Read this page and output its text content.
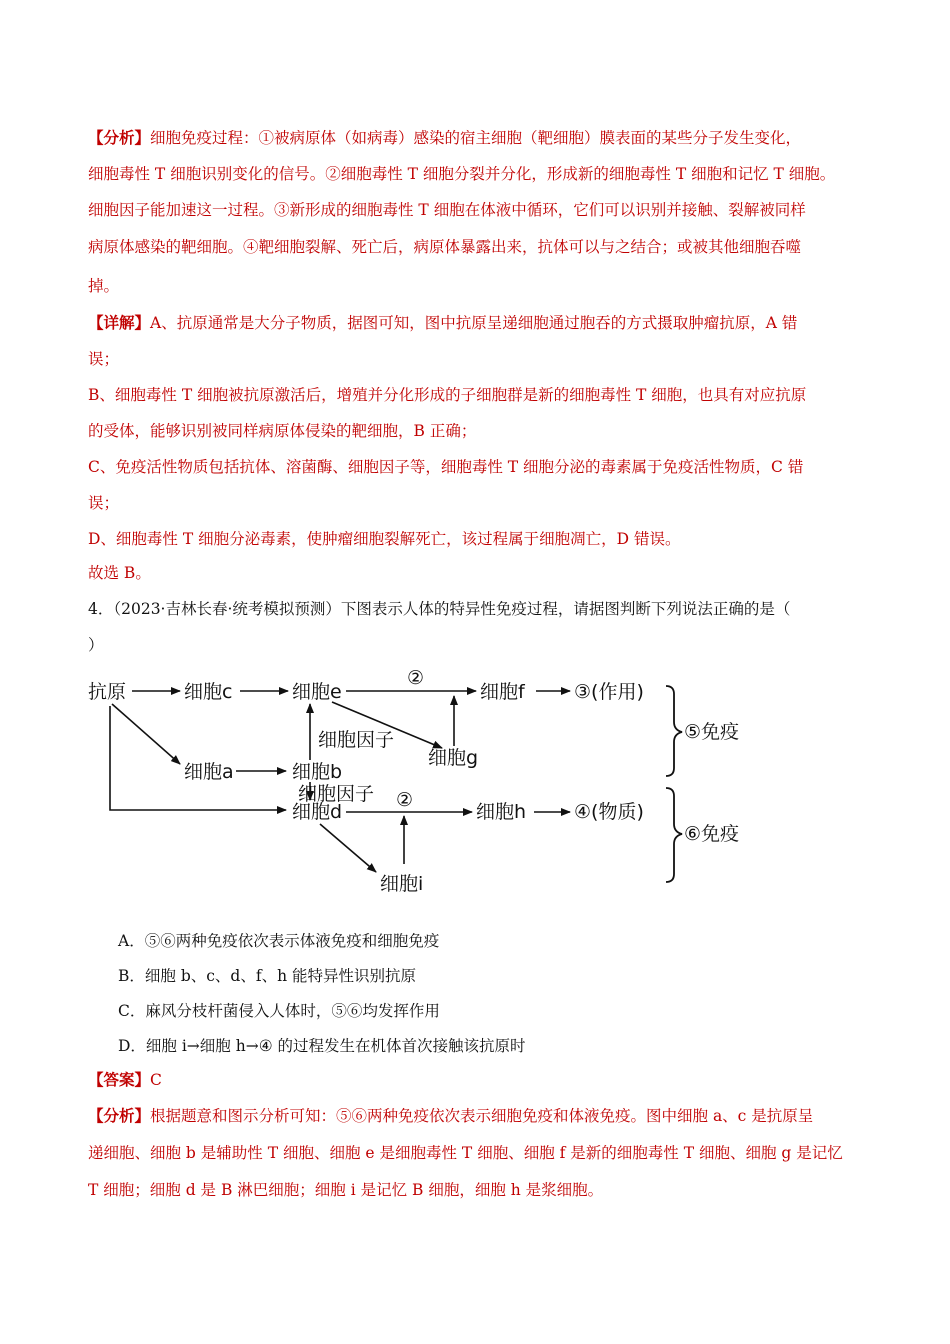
【分析】细胞免疫过程：①被病原体（如病毒）感染的宿主细胞（靶细胞）膜表面的某些分子发生变化，
细胞毒性 T 细胞识别变化的信号。②细胞毒性 T 细胞分裂并分化，形成新的细胞毒性 T 细胞和记忆 T 细胞。
细胞因子能加速这一过程。③新形成的细胞毒性 T 细胞在体液中循环，它们可以识别并接触、裂解被同样
病原体感染的靶细胞。④靶细胞裂解、死亡后，病原体暴露出来，抗体可以与之结合；或被其他细胞吞噬
掉。
【详解】A、抗原通常是大分子物质，据图可知，图中抗原呈递细胞通过胞吞的方式摄取肿瘤抗原，A 错
误；
B、细胞毒性 T 细胞被抗原激活后，增殖并分化形成的子细胞群是新的细胞毒性 T 细胞，也具有对应抗原
的受体，能够识别被同样病原体侵染的靶细胞，B 正确；
C、免疫活性物质包括抗体、溶菌酶、细胞因子等，细胞毒性 T 细胞分泌的毒素属于免疫活性物质，C 错
误；
D、细胞毒性 T 细胞分泌毒素，使肿瘤细胞裂解死亡，该过程属于细胞凋亡，D 错误。
故选 B。
4．（2023·吉林长春·统考模拟预测）下图表示人体的特异性免疫过程，请据图判断下列说法正确的是（
）
抗原	细胞c	细胞e
②
细胞f	③(作用)
细胞g
细胞因子
细胞a	细胞b
细胞因子
细胞d
②
细胞h	④(物质)
细胞i
⑤免疫
⑥免疫
A．⑤⑥两种免疫依次表示体液免疫和细胞免疫
B．细胞 b、c、d、f、h 能特异性识别抗原
C．麻风分枝杆菌侵入人体时，⑤⑥均发挥作用
D．细胞 i→细胞 h→④ 的过程发生在机体首次接触该抗原时
【答案】C
【分析】根据题意和图示分析可知：⑤⑥两种免疫依次表示细胞免疫和体液免疫。图中细胞 a、c 是抗原呈
递细胞、细胞 b 是辅助性 T 细胞、细胞 e 是细胞毒性 T 细胞、细胞 f 是新的细胞毒性 T 细胞、细胞 g 是记忆
T 细胞；细胞 d 是 B 淋巴细胞；细胞 i 是记忆 B 细胞，细胞 h 是浆细胞。
